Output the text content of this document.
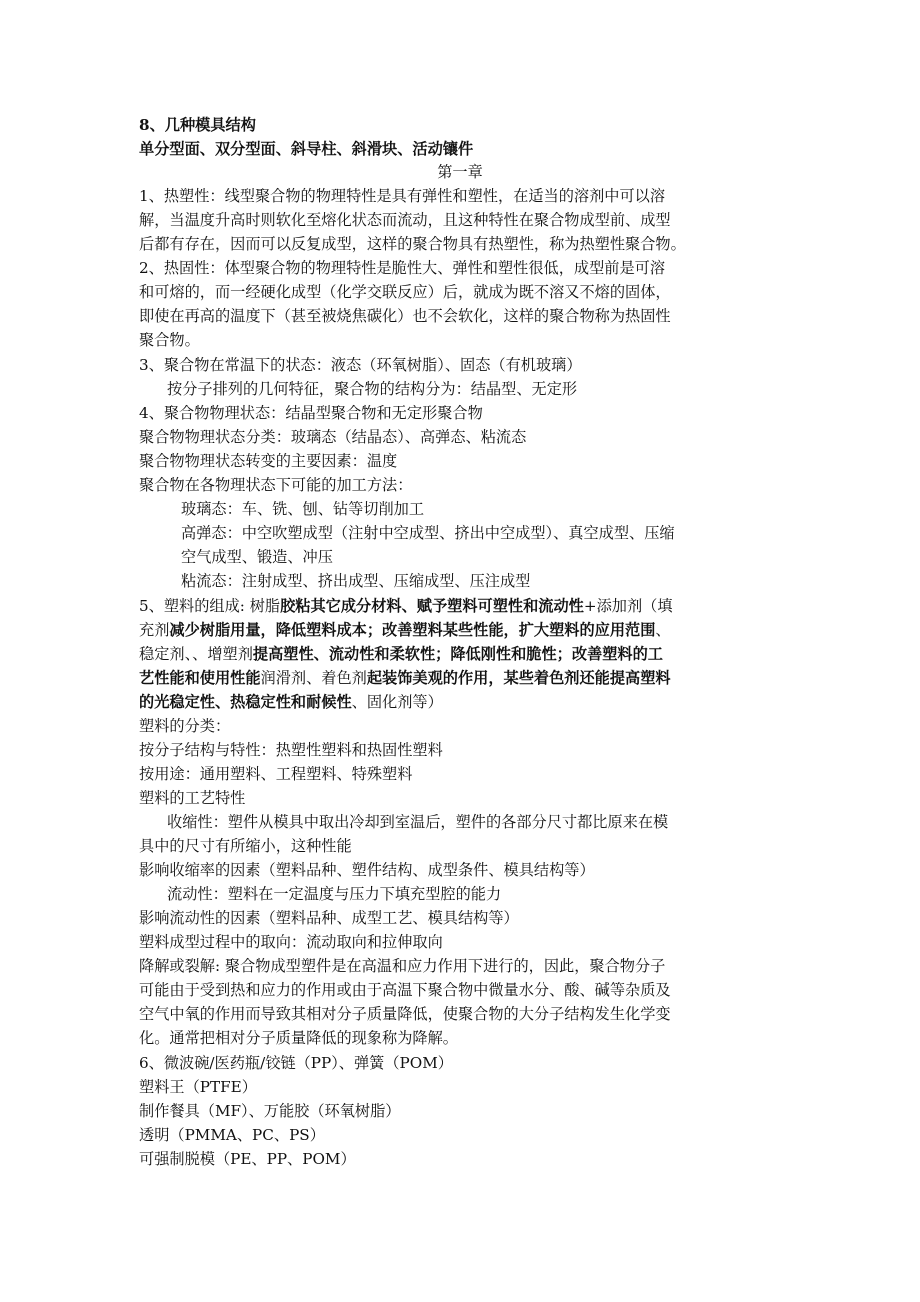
8、几种模具结构
单分型面、双分型面、斜导柱、斜滑块、活动镶件
第一章
1、热塑性：线型聚合物的物理特性是具有弹性和塑性，在适当的溶剂中可以溶
解，当温度升高时则软化至熔化状态而流动，且这种特性在聚合物成型前、成型
后都有存在，因而可以反复成型，这样的聚合物具有热塑性，称为热塑性聚合物。
2、热固性：体型聚合物的物理特性是脆性大、弹性和塑性很低，成型前是可溶
和可熔的，而一经硬化成型（化学交联反应）后，就成为既不溶又不熔的固体，
即使在再高的温度下（甚至被烧焦碳化）也不会软化，这样的聚合物称为热固性
聚合物。
3、聚合物在常温下的状态：液态（环氧树脂）、固态（有机玻璃）
按分子排列的几何特征，聚合物的结构分为：结晶型、无定形
4、聚合物物理状态：结晶型聚合物和无定形聚合物
聚合物物理状态分类：玻璃态（结晶态）、高弹态、粘流态
聚合物物理状态转变的主要因素：温度
聚合物在各物理状态下可能的加工方法：
玻璃态：车、铣、刨、钻等切削加工
高弹态：中空吹塑成型（注射中空成型、挤出中空成型）、真空成型、压缩
空气成型、锻造、冲压
粘流态：注射成型、挤出成型、压缩成型、压注成型
5、塑料的组成: 树脂胶粘其它成分材料、赋予塑料可塑性和流动性+添加剂（填
充剂减少树脂用量，降低塑料成本；改善塑料某些性能，扩大塑料的应用范围、
稳定剂、、增塑剂提高塑性、流动性和柔软性；降低刚性和脆性；改善塑料的工
艺性能和使用性能润滑剂、着色剂起装饰美观的作用，某些着色剂还能提高塑料
的光稳定性、热稳定性和耐候性、固化剂等）
塑料的分类：
按分子结构与特性：热塑性塑料和热固性塑料
按用途：通用塑料、工程塑料、特殊塑料
塑料的工艺特性
收缩性：塑件从模具中取出冷却到室温后，塑件的各部分尺寸都比原来在模
具中的尺寸有所缩小，这种性能
影响收缩率的因素（塑料品种、塑件结构、成型条件、模具结构等）
流动性：塑料在一定温度与压力下填充型腔的能力
影响流动性的因素（塑料品种、成型工艺、模具结构等）
塑料成型过程中的取向：流动取向和拉伸取向
降解或裂解: 聚合物成型塑件是在高温和应力作用下进行的，因此，聚合物分子
可能由于受到热和应力的作用或由于高温下聚合物中微量水分、酸、碱等杂质及
空气中氧的作用而导致其相对分子质量降低，使聚合物的大分子结构发生化学变
化。通常把相对分子质量降低的现象称为降解。
6、微波碗/医药瓶/铰链（PP）、弹簧（POM）
塑料王（PTFE）
制作餐具（MF）、万能胶（环氧树脂）
透明（PMMA、PC、PS）
可强制脱模（PE、PP、POM）
